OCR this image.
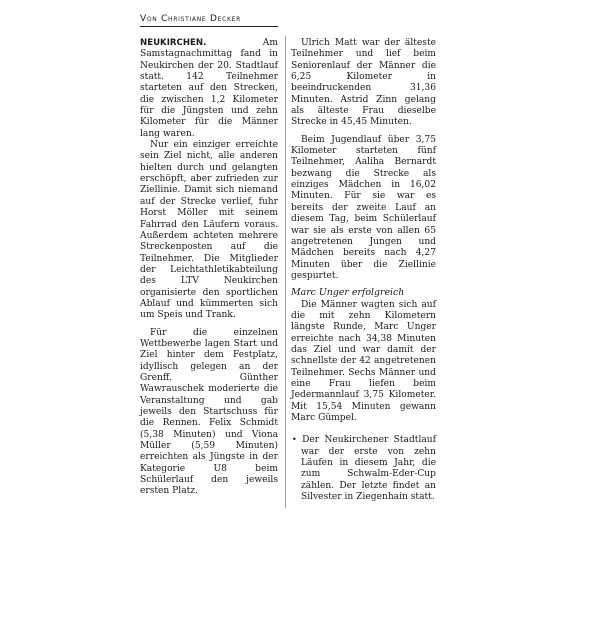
Von Christiane Decker

NEUKIRCHEN.	Am Samstagnachmittag fand in Neukirchen der 20. Stadtlauf statt. 142 Teilnehmer starteten auf den Strecken, die zwischen 1,2 Kilometer für die Jüngsten und zehn Kilometer für die Männer lang waren.

Nur ein einziger erreichte sein Ziel nicht, alle anderen hielten durch und gelangten erschöpft, aber zufrieden zur Ziellinie. Damit sich niemand auf der Strecke verlief, fuhr Horst Möller mit seinem Fahrrad den Läufern voraus. Außerdem achteten mehrere Streckenposten auf die Teilnehmer. Die Mitglieder der Leichtathletikabteilung des LTV Neukirchen organisierte den sportlichen Ablauf und kümmerten sich um Speis und Trank.

Für die einzelnen Wettbewerbe lagen Start und Ziel hinter dem Festplatz, idyllisch gelegen an der Grenff. Günther Wawrauschek moderierte die Veranstaltung und gab jeweils den Startschuss für die Rennen. Felix Schmidt (5,38 Minuten) und Viona Müller (5,59 Minuten) erreichten als Jüngste in der Kategorie U8 beim Schülerlauf den jeweils ersten Platz.

Ulrich Matt war der älteste Teilnehmer und lief beim Seniorenlauf der Männer die 6,25 Kilometer in beeindruckenden 31,36 Minuten. Astrid Zinn gelang als älteste Frau dieselbe Strecke in 45,45 Minuten.

Beim Jugendlauf über 3,75 Kilometer starteten fünf Teilnehmer, Aaliha Bernardt bezwang die Strecke als einziges Mädchen in 16,02 Minuten. Für sie war es bereits der zweite Lauf an diesem Tag, beim Schülerlauf war sie als erste von allen 65 angetretenen Jungen und Mädchen bereits nach 4,27 Minuten über die Ziellinie gespurtet.

Marc Unger erfolgreich

Die Männer wagten sich auf die mit zehn Kilometern längste Runde, Marc Unger erreichte nach 34,38 Minuten das Ziel und war damit der schnellste der 42 angetretenen Teilnehmer. Sechs Männer und eine Frau liefen beim Jedermannlauf 3,75 Kilometer. Mit 15,54 Minuten gewann Marc Gümpel.

• Der Neukirchener Stadtlauf war der erste von zehn Läufen in diesem Jahr, die zum Schwalm-Eder-Cup zählen. Der letzte findet an Silvester in Ziegenhain statt.
